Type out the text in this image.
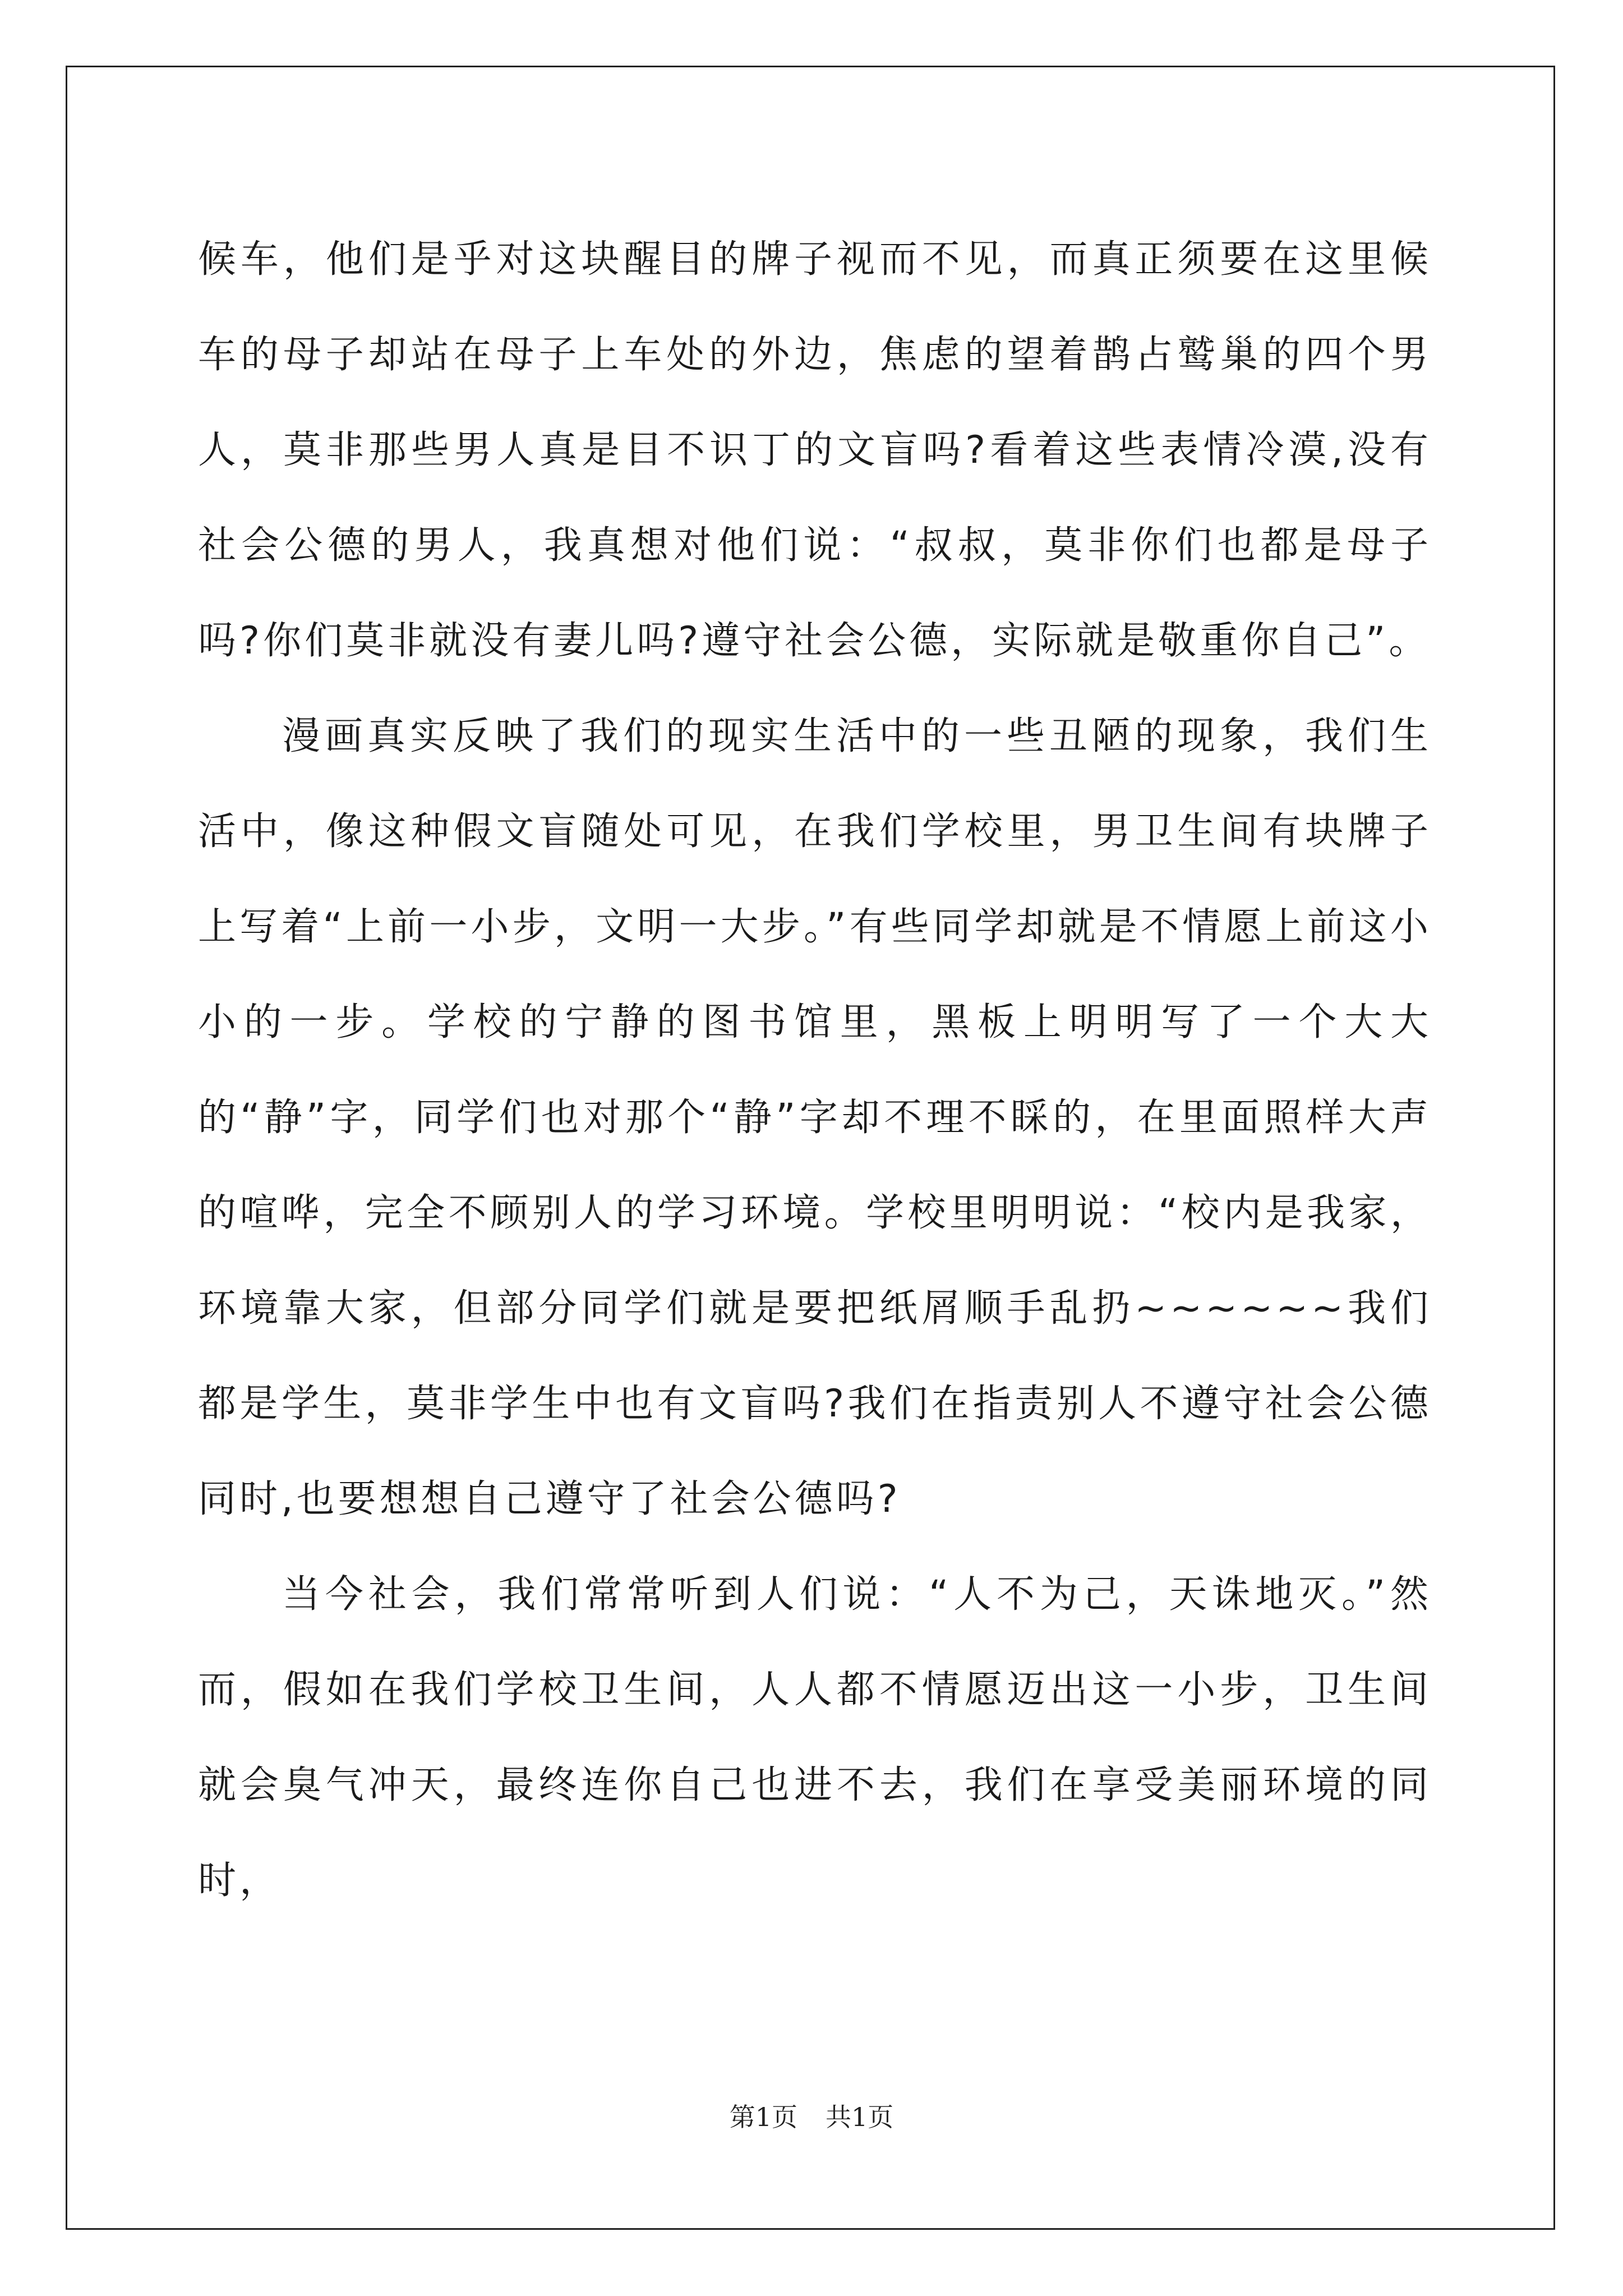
候车，他们是乎对这块醒目的牌子视而不见，而真正须要在这里候车的母子却站在母子上车处的外边，焦虑的望着鹊占鹫巢的四个男人，莫非那些男人真是目不识丁的文盲吗?看着这些表情冷漠,没有社会公德的男人，我真想对他们说：“叔叔，莫非你们也都是母子吗?你们莫非就没有妻儿吗?遵守社会公德，实际就是敬重你自己”。

漫画真实反映了我们的现实生活中的一些丑陋的现象，我们生活中，像这种假文盲随处可见，在我们学校里，男卫生间有块牌子上写着“上前一小步，文明一大步。”有些同学却就是不情愿上前这小小的一步。学校的宁静的图书馆里，黑板上明明写了一个大大的“静”字，同学们也对那个“静”字却不理不睬的，在里面照样大声的喧哗，完全不顾别人的学习环境。学校里明明说：“校内是我家，环境靠大家，但部分同学们就是要把纸屑顺手乱扔~~~~~~我们都是学生，莫非学生中也有文盲吗?我们在指责别人不遵守社会公德同时,也要想想自己遵守了社会公德吗?

当今社会，我们常常听到人们说：“人不为己，天诛地灭。”然而，假如在我们学校卫生间，人人都不情愿迈出这一小步，卫生间就会臭气冲天，最终连你自己也进不去，我们在享受美丽环境的同时，

第1页 共1页
